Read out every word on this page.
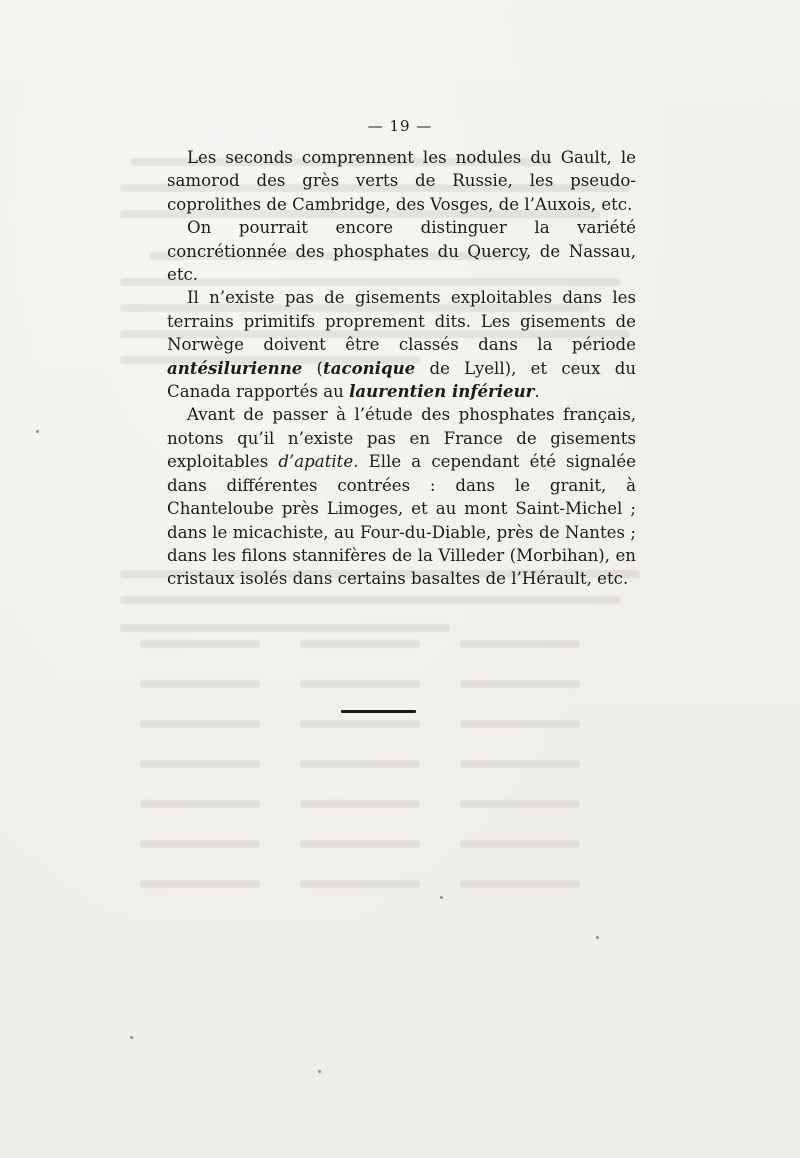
— 19 —

Les seconds comprennent les nodules du Gault, le samorod des grès verts de Russie, les pseudo-coprolithes de Cambridge, des Vosges, de l’Auxois, etc.

On pourrait encore distinguer la variété concrétionnée des phosphates du Quercy, de Nassau, etc.

Il n’existe pas de gisements exploitables dans les terrains primitifs proprement dits. Les gisements de Norwège doivent être classés dans la période antésilurienne (taconique de Lyell), et ceux du Canada rapportés au laurentien inférieur.

Avant de passer à l’étude des phosphates français, notons qu’il n’existe pas en France de gisements exploitables d’apatite. Elle a cependant été signalée dans différentes contrées : dans le granit, à Chanteloube près Limoges, et au mont Saint-Michel ; dans le micachiste, au Four-du-Diable, près de Nantes ; dans les filons stannifères de la Villeder (Morbihan), en cristaux isolés dans certains basaltes de l’Hérault, etc.
